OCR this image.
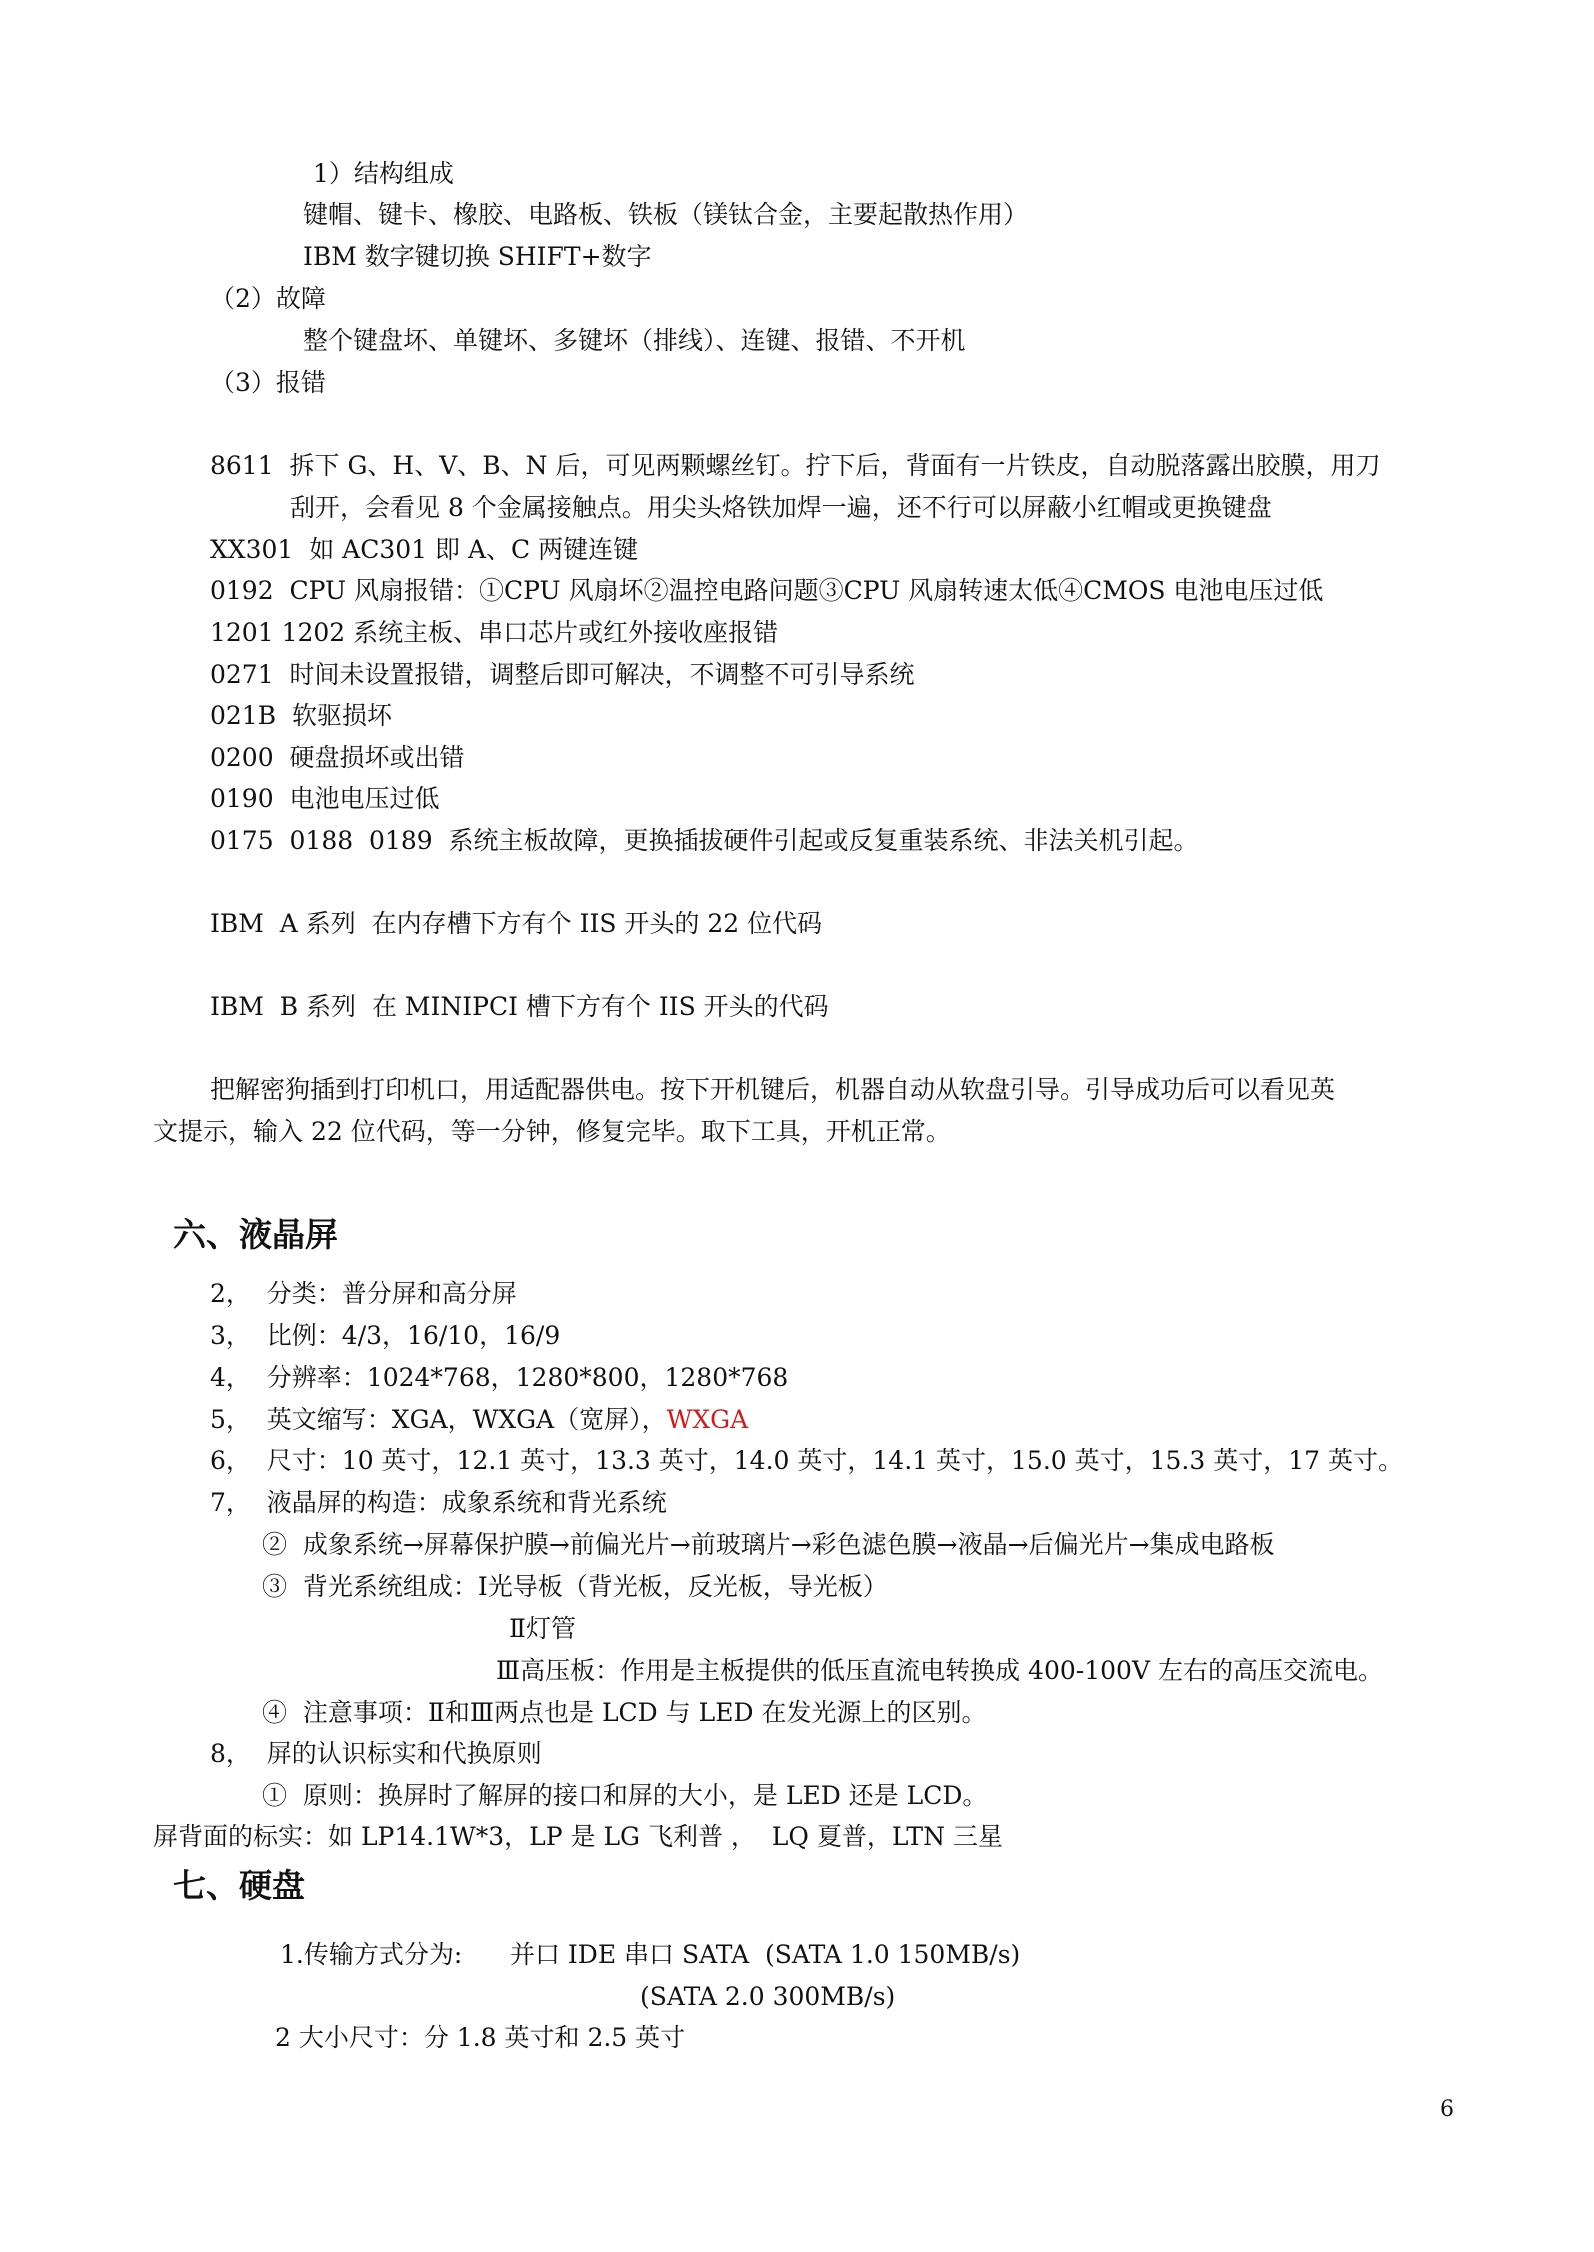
1）结构组成
键帽、键卡、橡胶、电路板、铁板（镁钛合金，主要起散热作用）
IBM 数字键切换 SHIFT+数字
（2）故障
整个键盘坏、单键坏、多键坏（排线）、连键、报错、不开机
（3）报错
8611  拆下 G、H、V、B、N 后，可见两颗螺丝钉。拧下后，背面有一片铁皮，自动脱落露出胶膜，用刀
刮开，会看见 8 个金属接触点。用尖头烙铁加焊一遍，还不行可以屏蔽小红帽或更换键盘
XX301  如 AC301 即 A、C 两键连键
0192  CPU 风扇报错：①CPU 风扇坏②温控电路问题③CPU 风扇转速太低④CMOS 电池电压过低
1201 1202 系统主板、串口芯片或红外接收座报错
0271  时间未设置报错，调整后即可解决，不调整不可引导系统
021B  软驱损坏
0200  硬盘损坏或出错
0190  电池电压过低
0175  0188  0189  系统主板故障，更换插拔硬件引起或反复重装系统、非法关机引起。
IBM  A 系列  在内存槽下方有个 IIS 开头的 22 位代码
IBM  B 系列  在 MINIPCI 槽下方有个 IIS 开头的代码
把解密狗插到打印机口，用适配器供电。按下开机键后，机器自动从软盘引导。引导成功后可以看见英
文提示，输入 22 位代码，等一分钟，修复完毕。取下工具，开机正常。
六、液晶屏
2，  分类：普分屏和高分屏
3，  比例：4/3，16/10，16/9
4，  分辨率：1024*768，1280*800，1280*768
5，  英文缩写：XGA，WXGA（宽屏），WXGA
6，  尺寸：10 英寸，12.1 英寸，13.3 英寸，14.0 英寸，14.1 英寸，15.0 英寸，15.3 英寸，17 英寸。
7，  液晶屏的构造：成象系统和背光系统
②  成象系统→屏幕保护膜→前偏光片→前玻璃片→彩色滤色膜→液晶→后偏光片→集成电路板
③  背光系统组成：Ⅰ光导板（背光板，反光板，导光板）
Ⅱ灯管
Ⅲ高压板：作用是主板提供的低压直流电转换成 400-100V 左右的高压交流电。
④  注意事项：Ⅱ和Ⅲ两点也是 LCD 与 LED 在发光源上的区别。
8，  屏的认识标实和代换原则
①  原则：换屏时了解屏的接口和屏的大小，是 LED 还是 LCD。
屏背面的标实：如 LP14.1W*3，LP 是 LG 飞利普 ，  LQ 夏普，LTN 三星
七、硬盘
1.传输方式分为:      并口 IDE 串口 SATA  (SATA 1.0 150MB/s)
(SATA 2.0 300MB/s)
2 大小尺寸：分 1.8 英寸和 2.5 英寸
6
